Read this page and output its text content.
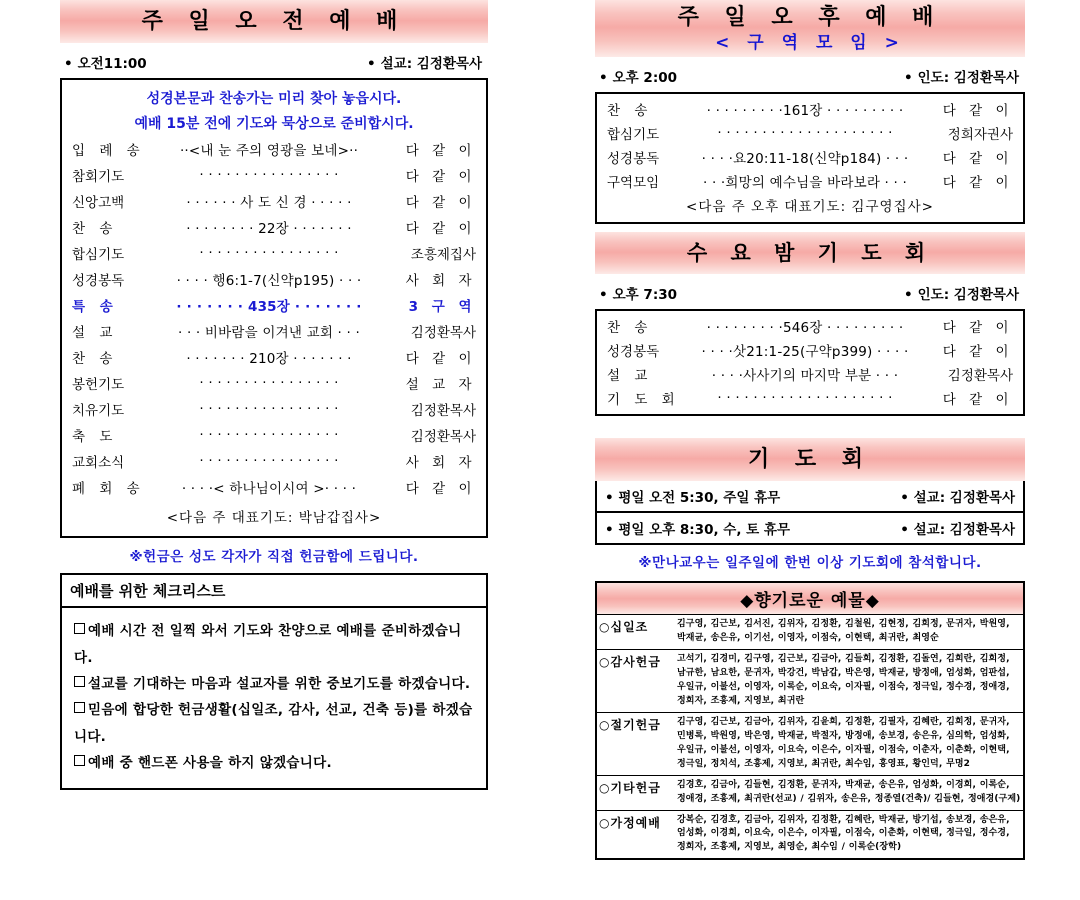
주 일 오 전 예 배
• 오전11:00	• 설교: 김정환목사
성경본문과 찬송가는 미리 찾아 놓읍시다.
예배 15분 전에 기도와 묵상으로 준비합시다.
입 례 송	··<내 눈 주의 영광을 보네>··	다 같 이
참회기도	· · · · · · · · · · · · · · · ·	다 같 이
신앙고백	· · · · · · 사 도 신 경 · · · · ·	다 같 이
찬 송	· · · · · · · · 22장 · · · · · · ·	다 같 이
합심기도	· · · · · · · · · · · · · · · ·	조흥제집사
성경봉독	· · · · 행6:1-7(신약p195) · · ·	사 회 자
특 송	· · · · · · · 435장 · · · · · · ·	3 구 역
설 교	· · · 비바람을 이겨낸 교회 · · ·	김정환목사
찬 송	· · · · · · · 210장 · · · · · · ·	다 같 이
봉헌기도	· · · · · · · · · · · · · · · ·	설 교 자
치유기도	· · · · · · · · · · · · · · · ·	김정환목사
축 도	· · · · · · · · · · · · · · · ·	김정환목사
교회소식	· · · · · · · · · · · · · · · ·	사 회 자
폐 회 송	· · · ·< 하나님이시여 >· · · ·	다 같 이
<다음 주 대표기도: 박남갑집사>
※헌금은 성도 각자가 직접 헌금함에 드립니다.
예배를 위한 체크리스트
예배 시간 전 일찍 와서 기도와 찬양으로 예배를 준비하겠습니다.
설교를 기대하는 마음과 설교자를 위한 중보기도를 하겠습니다.
믿음에 합당한 헌금생활(십일조, 감사, 선교, 건축 등)를 하겠습니다.
예배 중 핸드폰 사용을 하지 않겠습니다.
주 일 오 후 예 배
< 구 역 모 임 >
• 오후 2:00	• 인도: 김정환목사
찬 송	· · · · · · · · ·161장 · · · · · · · · ·	다 같 이
합심기도	· · · · · · · · · · · · · · · · · · · ·	정희자권사
성경봉독	· · · ·요20:11-18(신약p184) · · ·	다 같 이
구역모임	· · ·희망의 예수님을 바라보라 · · ·	다 같 이
<다음 주 오후 대표기도: 김구영집사>
수 요 밤 기 도 회
• 오후 7:30	• 인도: 김정환목사
찬 송	· · · · · · · · ·546장 · · · · · · · · ·	다 같 이
성경봉독	· · · ·삿21:1-25(구약p399) · · · ·	다 같 이
설 교	· · · ·사사기의 마지막 부분 · · ·	김정환목사
기 도 회	· · · · · · · · · · · · · · · · · · · ·	다 같 이
기 도 회
• 평일 오전 5:30, 주일 휴무	• 설교: 김정환목사
• 평일 오후 8:30, 수, 토 휴무	• 설교: 김정환목사
※만나교우는 일주일에 한번 이상 기도회에 참석합니다.
◆향기로운 예물◆
○십일조	김구영, 김근보, 김서진, 김위자, 김정환, 김철원, 김현정, 김희정, 문귀자, 박원영, 박재균, 송은유, 이기선, 이영자, 이점숙, 이현택, 최귀란, 최영순
○감사헌금	고석기, 김경미, 김구영, 김근보, 김금아, 김들희, 김정환, 김돌연, 김희란, 김희정, 남규한, 남요한, 문귀자, 박강건, 박남갑, 박은영, 박재균, 방정애, 엄성화, 엄판섭, 우일규, 이불선, 이영자, 이록순, 이요숙, 이자필, 이점숙, 정극일, 정수경, 정애경, 정희자, 조흥제, 지영보, 최귀란
○절기헌금	김구영, 김근보, 김금아, 김위자, 김윤희, 김정환, 김필자, 김혜란, 김희정, 문귀자, 민병록, 박원영, 박은영, 박재균, 박절자, 방정애, 송보경, 송은유, 심의학, 엄성화, 우일규, 이불선, 이영자, 이요숙, 이은수, 이자필, 이점숙, 이춘자, 이춘화, 이현택, 정극일, 정치석, 조흥제, 지영보, 최귀란, 최수임, 홍영표, 황인덕, 무명2
○기타헌금	김경호, 김금아, 김들현, 김정환, 문귀자, 박재균, 송은유, 엄성화, 이경희, 이록순, 정애경, 조흥제, 최귀란(선교) / 김위자, 송은유, 정종열(건축)/ 김들현, 정애경(구제)
○가정예배	강복순, 김경호, 김금아, 김위자, 김정환, 김혜란, 박재균, 방기섭, 송보경, 송은유, 엄성화, 이경희, 이요숙, 이은수, 이자필, 이점숙, 이춘화, 이현택, 정극일, 정수경, 정희자, 조흥제, 지영보, 최영순, 최수임 / 이록순(장학)
